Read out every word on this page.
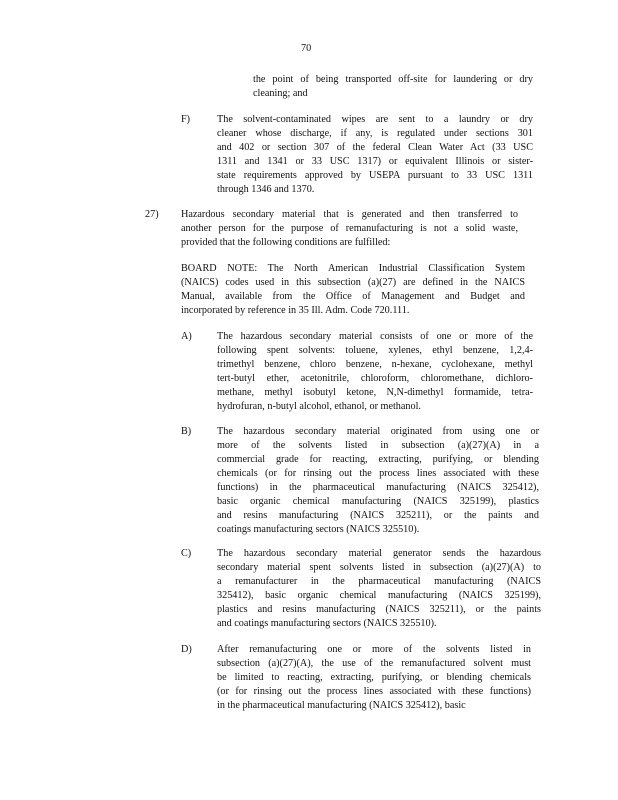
70
the point of being transported off-site for laundering or dry
cleaning; and
F)	The solvent-contaminated wipes are sent to a laundry or dry
cleaner whose discharge, if any, is regulated under sections 301
and 402 or section 307 of the federal Clean Water Act (33 USC
1311 and 1341 or 33 USC 1317) or equivalent Illinois or sister-
state requirements approved by USEPA pursuant to 33 USC 1311
through 1346 and 1370.
27) Hazardous secondary material that is generated and then transferred to
another person for the purpose of remanufacturing is not a solid waste,
provided that the following conditions are fulfilled:
BOARD NOTE: The North American Industrial Classification System
(NAICS) codes used in this subsection (a)(27) are defined in the NAICS
Manual, available from the Office of Management and Budget and
incorporated by reference in 35 Ill. Adm. Code 720.111.
A) The hazardous secondary material consists of one or more of the
following spent solvents: toluene, xylenes, ethyl benzene, 1,2,4-
trimethyl benzene, chloro benzene, n-hexane, cyclohexane, methyl
tert-butyl ether, acetonitrile, chloroform, chloromethane, dichloro-
methane, methyl isobutyl ketone, N,N-dimethyl formamide, tetra-
hydrofuran, n-butyl alcohol, ethanol, or methanol.
B)	The hazardous secondary material originated from using one or
more of the solvents listed in subsection (a)(27)(A) in a
commercial grade for reacting, extracting, purifying, or blending
chemicals (or for rinsing out the process lines associated with these
functions) in the pharmaceutical manufacturing (NAICS 325412),
basic organic chemical manufacturing (NAICS 325199), plastics
and resins manufacturing (NAICS 325211), or the paints and
coatings manufacturing sectors (NAICS 325510).
C)	The hazardous secondary material generator sends the hazardous
secondary material spent solvents listed in subsection (a)(27)(A) to
a remanufacturer in the pharmaceutical manufacturing (NAICS
325412), basic organic chemical manufacturing (NAICS 325199),
plastics and resins manufacturing (NAICS 325211), or the paints
and coatings manufacturing sectors (NAICS 325510).
D) After remanufacturing one or more of the solvents listed in
subsection (a)(27)(A), the use of the remanufactured solvent must
be limited to reacting, extracting, purifying, or blending chemicals
(or for rinsing out the process lines associated with these functions)
in the pharmaceutical manufacturing (NAICS 325412), basic
